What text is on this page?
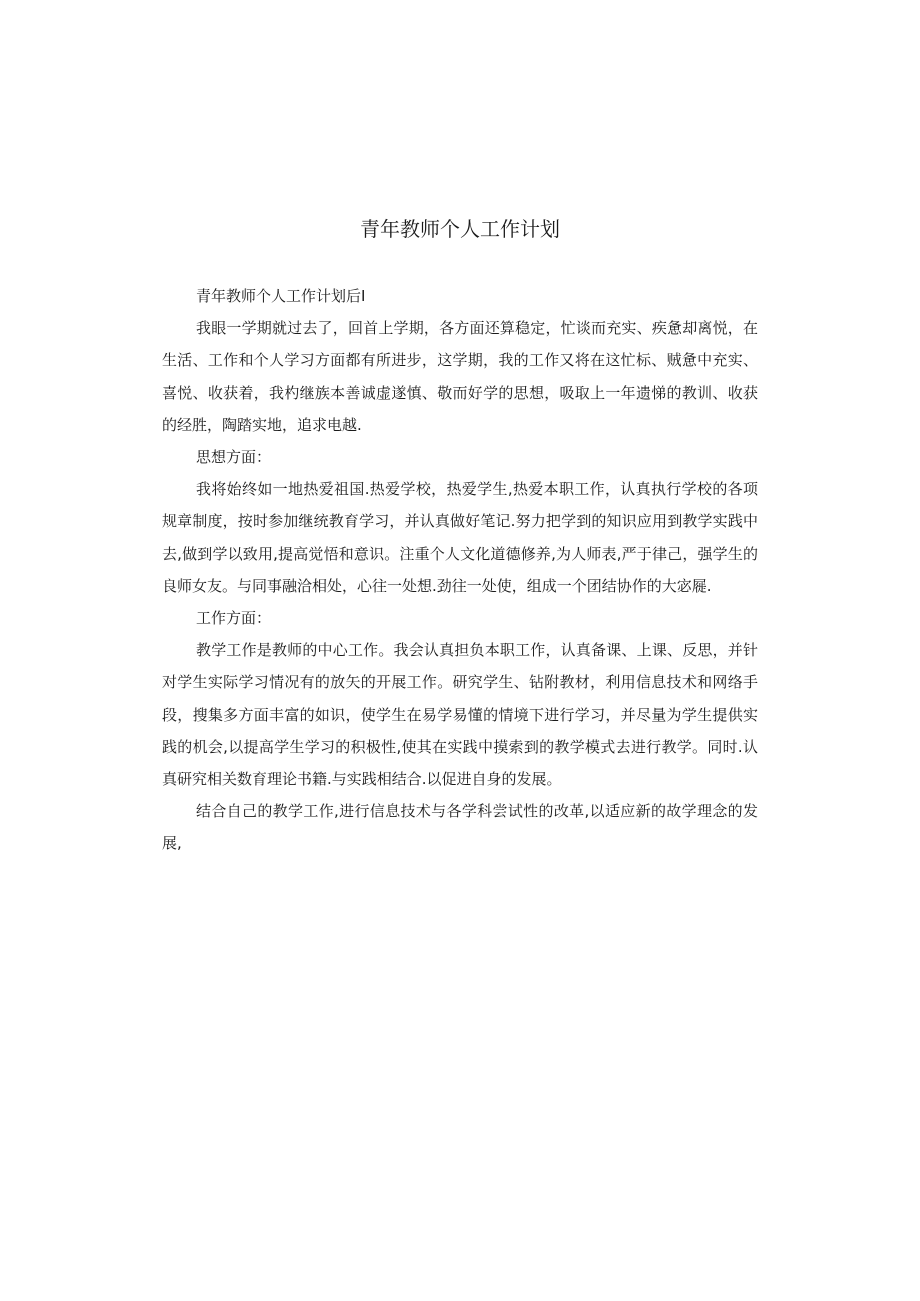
青年教师个人工作计划

青年教师个人工作计划后I

我眼一学期就过去了，回首上学期，各方面还算稳定，忙谈而充实、疾惫却离悦，在生活、工作和个人学习方面都有所进步，这学期，我的工作又将在这忙标、贼惫中充实、喜悦、收获着，我杓继族本善诚虚遂慎、敬而好学的思想，吸取上一年遗悌的教训、收获的经胜，陶踏实地，追求电越.

思想方面：

我将始终如一地热爱祖国.热爱学校，热爱学生,热爱本职工作，认真执行学校的各项规章制度，按时参加继统教育学习，并认真做好笔记.努力把学到的知识应用到教学实践中去,做到学以致用,提高觉悟和意识。注重个人文化道德修养,为人师表,严于律己，强学生的良师女友。与同事融洽相处，心往一处想.劲往一处使，组成一个团结协作的大宓屣.

工作方面：

教学工作是教师的中心工作。我会认真担负本职工作，认真备课、上课、反思，并针对学生实际学习情况有的放矢的开展工作。研究学生、钻附教材，利用信息技术和网络手段，搜集多方面丰富的如识，使学生在易学易懂的情境下进行学习，并尽量为学生提供实践的机会,以提高学生学习的积极性,使其在实践中摸索到的教学模式去进行教学。同时.认真研究相关数育理论书籍.与实践相结合.以促进自身的发展。

结合自己的教学工作,进行信息技术与各学科尝试性的改革,以适应新的故学理念的发展,
